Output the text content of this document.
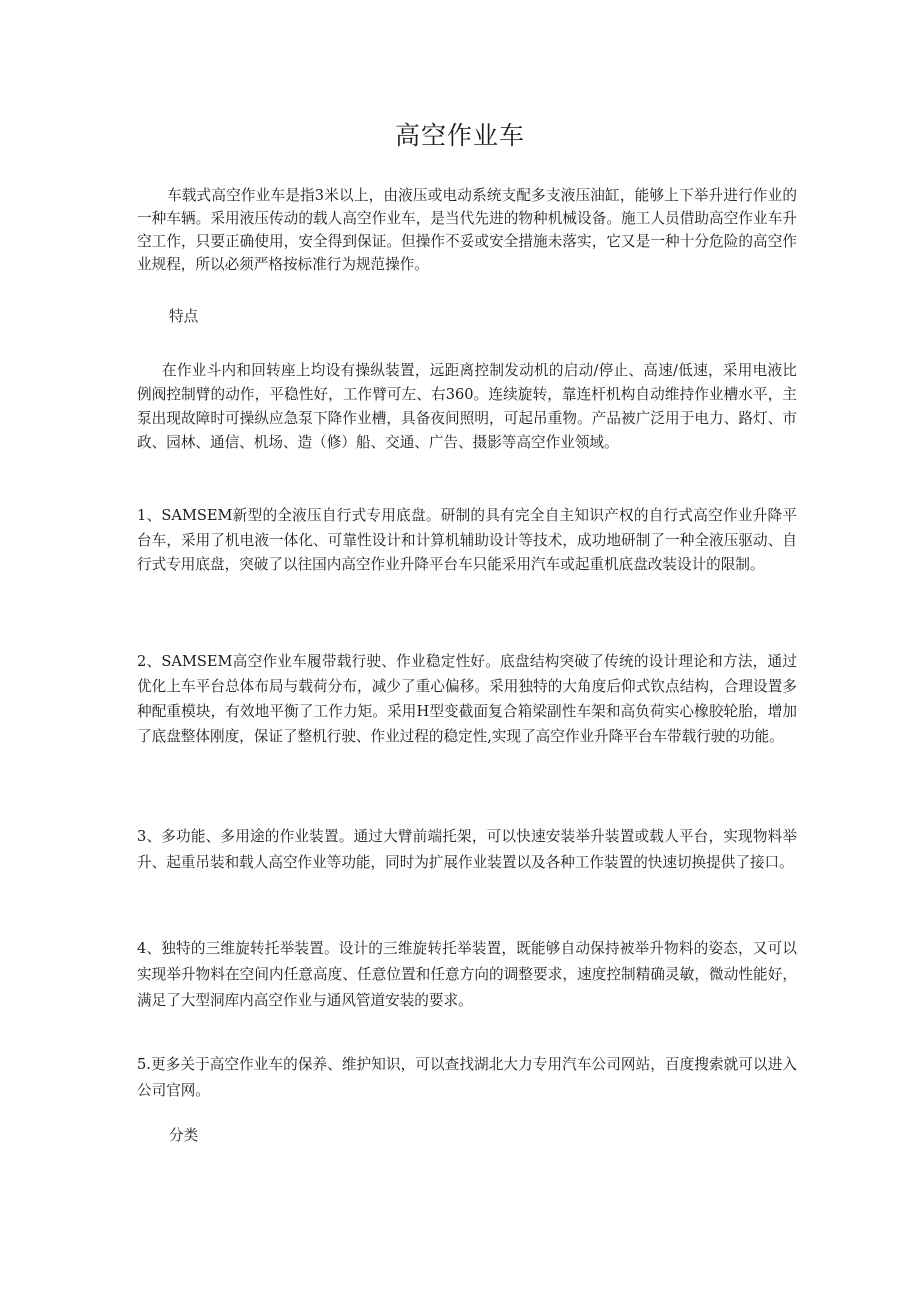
高空作业车

车载式高空作业车是指3米以上，由液压或电动系统支配多支液压油缸，能够上下举升进行作业的一种车辆。采用液压传动的载人高空作业车，是当代先进的物种机械设备。施工人员借助高空作业车升空工作，只要正确使用，安全得到保证。但操作不妥或安全措施未落实，它又是一种十分危险的高空作业规程，所以必须严格按标准行为规范操作。

特点

在作业斗内和回转座上均设有操纵装置，远距离控制发动机的启动/停止、高速/低速，采用电液比例阀控制臂的动作，平稳性好，工作臂可左、右360。连续旋转，靠连杆机构自动维持作业槽水平，主泵出现故障时可操纵应急泵下降作业槽，具备夜间照明，可起吊重物。产品被广泛用于电力、路灯、市政、园林、通信、机场、造（修）船、交通、广告、摄影等高空作业领域。

1、SAMSEM新型的全液压自行式专用底盘。研制的具有完全自主知识产权的自行式高空作业升降平台车，采用了机电液一体化、可靠性设计和计算机辅助设计等技术，成功地研制了一种全液压驱动、自行式专用底盘，突破了以往国内高空作业升降平台车只能采用汽车或起重机底盘改装设计的限制。

2、SAMSEM高空作业车履带载行驶、作业稳定性好。底盘结构突破了传统的设计理论和方法，通过优化上车平台总体布局与载荷分布，减少了重心偏移。采用独特的大角度后仰式钦点结构，合理设置多种配重模块，有效地平衡了工作力矩。采用H型变截面复合箱梁副性车架和高负荷实心橡胶轮胎，增加了底盘整体刚度，保证了整机行驶、作业过程的稳定性,实现了高空作业升降平台车带载行驶的功能。

3、多功能、多用途的作业装置。通过大臂前端托架，可以快速安装举升装置或载人平台，实现物料举升、起重吊装和载人高空作业等功能，同时为扩展作业装置以及各种工作装置的快速切换提供了接口。

4、独特的三维旋转托举装置。设计的三维旋转托举装置，既能够自动保持被举升物料的姿态，又可以实现举升物料在空间内任意高度、任意位置和任意方向的调整要求，速度控制精确灵敏，微动性能好，满足了大型洞库内高空作业与通风管道安装的要求。

5.更多关于高空作业车的保养、维护知识，可以查找湖北大力专用汽车公司网站，百度搜索就可以进入公司官网。

分类
